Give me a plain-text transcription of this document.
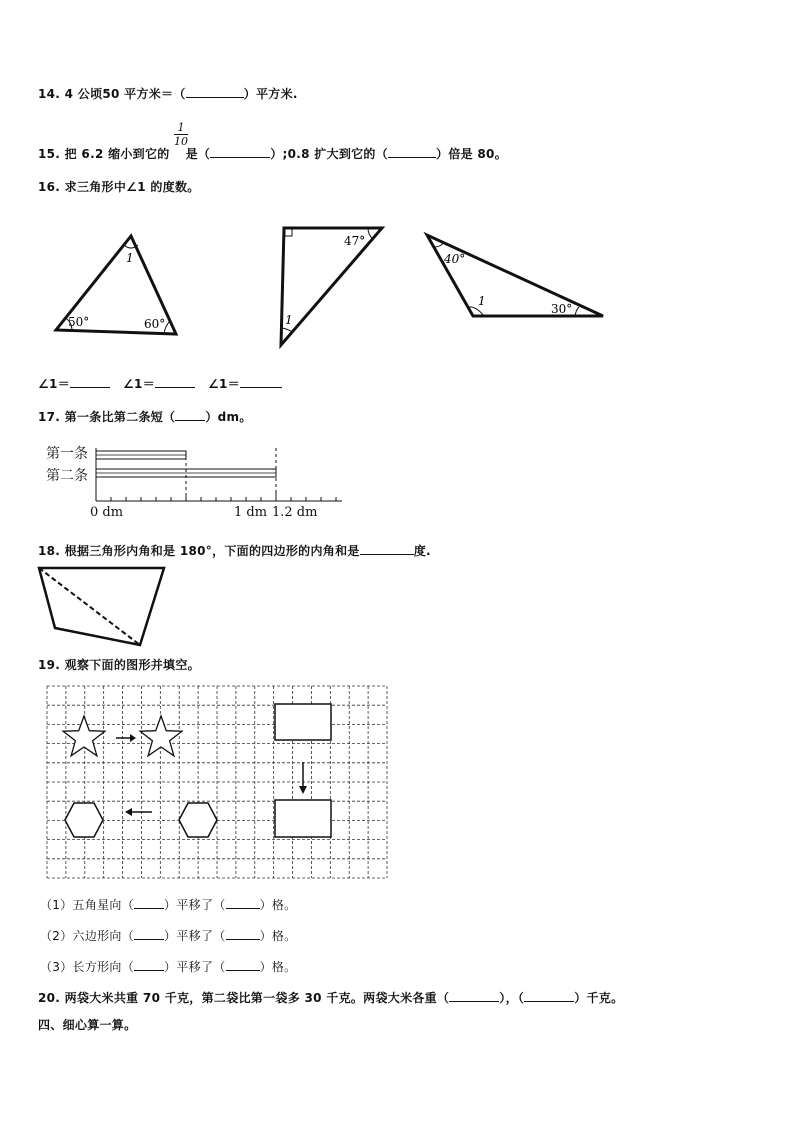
14. 4 公顷50 平方米＝（	）平方米.
$\frac{1}{10}$
15. 把 6.2 缩小到它的 是（	）;0.8 扩大到它的（	）倍是 80。
16. 求三角形中∠1 的度数。
1
50°	60°
47°
1
40°
1
30°
∠1＝	∠1＝	∠1＝
17. 第一条比第二条短（	）dm。
第一条
第二条
0 dm	1 dm 1.2 dm
18. 根据三角形内角和是 180°，下面的四边形的内角和是	度.
19. 观察下面的图形并填空。
（1）五角星向（	）平移了（	）格。
（2）六边形向（	）平移了（	）格。
（3）长方形向（	）平移了（	）格。
20. 两袋大米共重 70 千克，第二袋比第一袋多 30 千克。两袋大米各重（	），（	）千克。
四、细心算一算。
